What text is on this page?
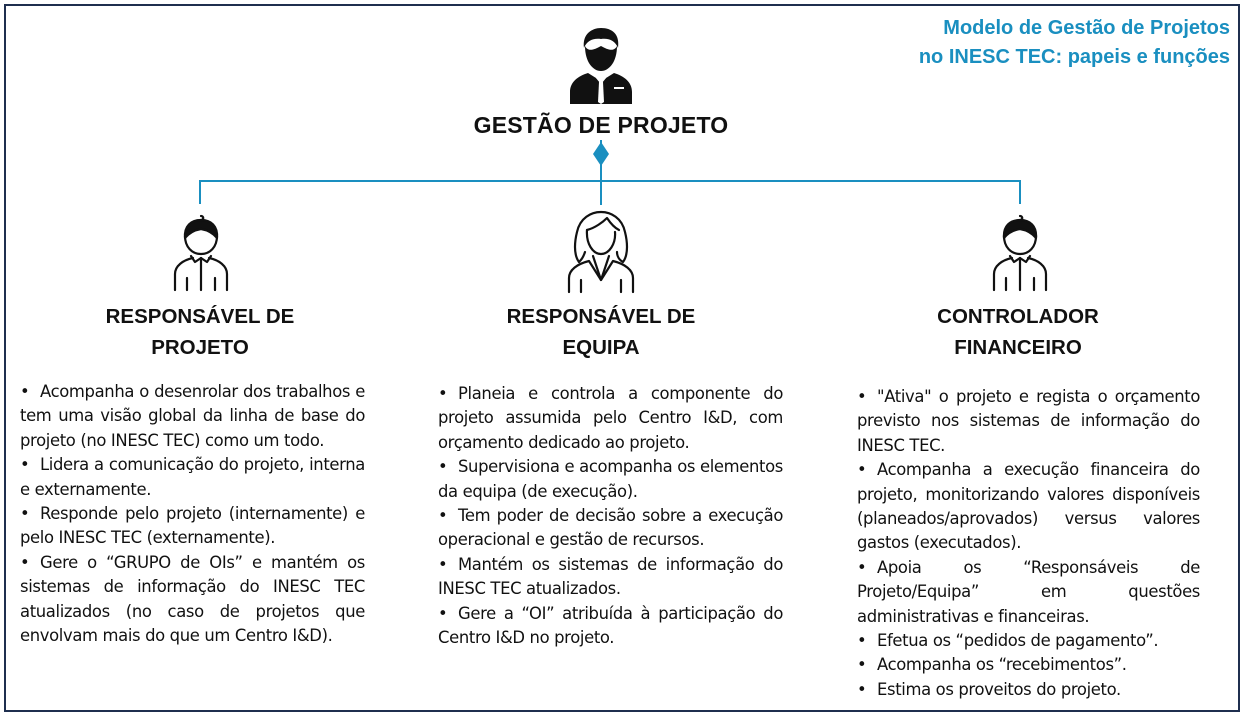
Modelo de Gestão de Projetos
no INESC TEC: papeis e funções
GESTÃO DE PROJETO
RESPONSÁVEL DE
PROJETO
RESPONSÁVEL DE
EQUIPA
CONTROLADOR
FINANCEIRO
• Acompanha o desenrolar dos trabalhos e tem uma visão global da linha de base do projeto (no INESC TEC) como um todo.
• Lidera a comunicação do projeto, interna e externamente.
• Responde pelo projeto (internamente) e pelo INESC TEC (externamente).
• Gere o “GRUPO de OIs” e mantém os sistemas de informação do INESC TEC atualizados (no caso de projetos que envolvam mais do que um Centro I&D).
• Planeia e controla a componente do projeto assumida pelo Centro I&D, com orçamento dedicado ao projeto.
• Supervisiona e acompanha os elementos da equipa (de execução).
• Tem poder de decisão sobre a execução operacional e gestão de recursos.
• Mantém os sistemas de informação do INESC TEC atualizados.
• Gere a “OI” atribuída à participação do Centro I&D no projeto.
• "Ativa" o projeto e regista o orçamento previsto nos sistemas de informação do INESC TEC.
• Acompanha a execução financeira do projeto, monitorizando valores disponíveis (planeados/aprovados) versus valores gastos (executados).
• Apoia os “Responsáveis de Projeto/Equipa” em questões administrativas e financeiras.
• Efetua os “pedidos de pagamento”.
• Acompanha os “recebimentos”.
• Estima os proveitos do projeto.
